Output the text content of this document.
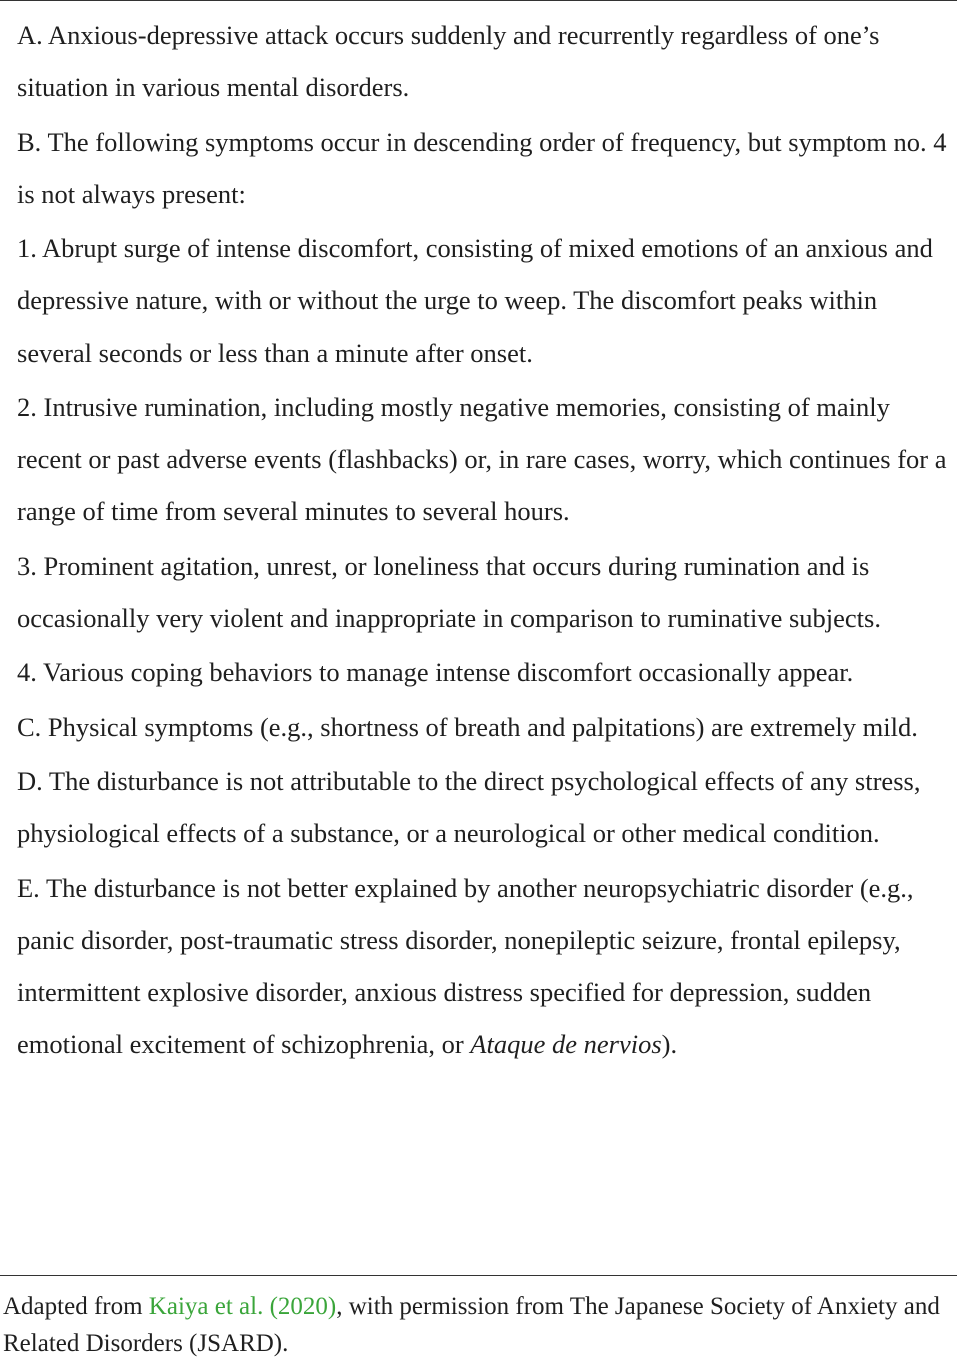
A. Anxious-depressive attack occurs suddenly and recurrently regardless of one’s situation in various mental disorders.

B. The following symptoms occur in descending order of frequency, but symptom no. 4 is not always present:

1. Abrupt surge of intense discomfort, consisting of mixed emotions of an anxious and depressive nature, with or without the urge to weep. The discomfort peaks within several seconds or less than a minute after onset.

2. Intrusive rumination, including mostly negative memories, consisting of mainly recent or past adverse events (flashbacks) or, in rare cases, worry, which continues for a range of time from several minutes to several hours.

3. Prominent agitation, unrest, or loneliness that occurs during rumination and is occasionally very violent and inappropriate in comparison to ruminative subjects.

4. Various coping behaviors to manage intense discomfort occasionally appear.

C. Physical symptoms (e.g., shortness of breath and palpitations) are extremely mild.

D. The disturbance is not attributable to the direct psychological effects of any stress, physiological effects of a substance, or a neurological or other medical condition.

E. The disturbance is not better explained by another neuropsychiatric disorder (e.g., panic disorder, post-traumatic stress disorder, nonepileptic seizure, frontal epilepsy, intermittent explosive disorder, anxious distress specified for depression, sudden emotional excitement of schizophrenia, or Ataque de nervios).

Adapted from Kaiya et al. (2020), with permission from The Japanese Society of Anxiety and Related Disorders (JSARD).
